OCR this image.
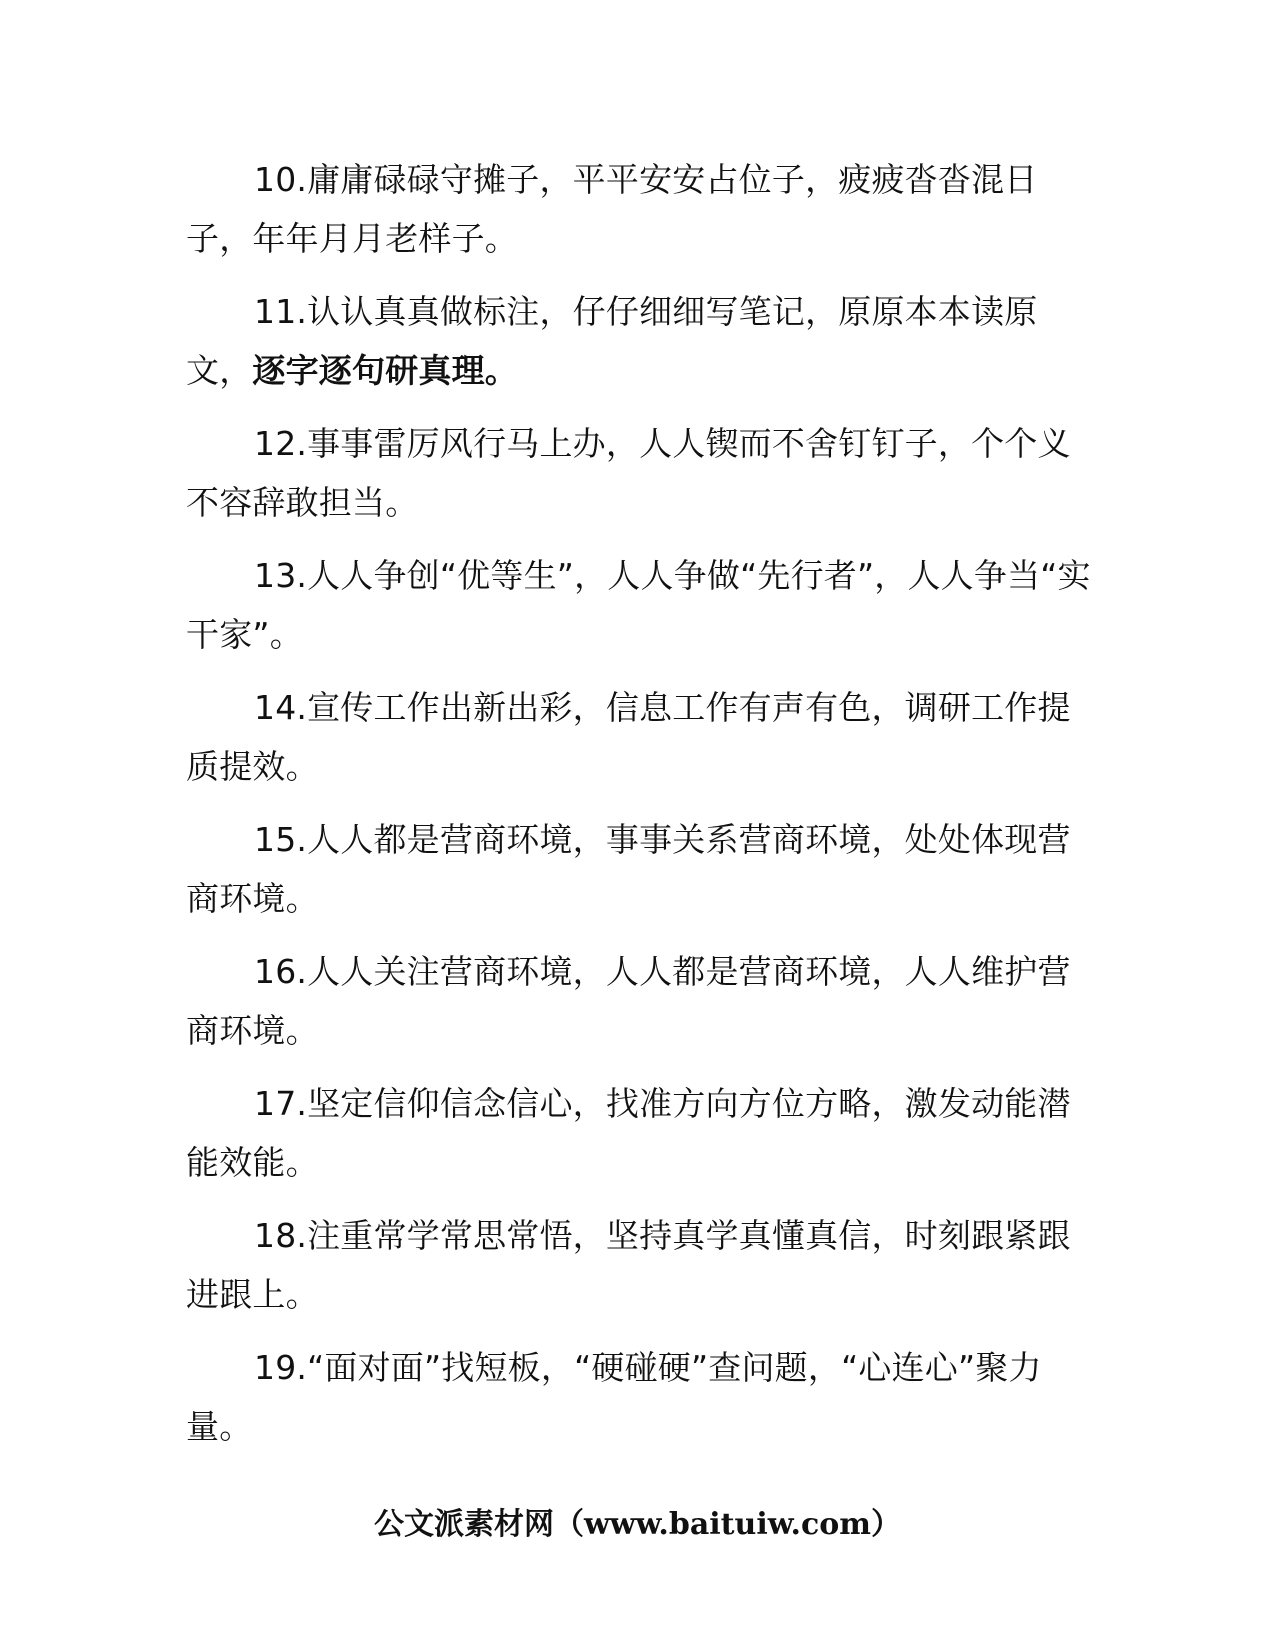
10.庸庸碌碌守摊子，平平安安占位子，疲疲沓沓混日子，年年月月老样子。

11.认认真真做标注，仔仔细细写笔记，原原本本读原文，逐字逐句研真理。

12.事事雷厉风行马上办，人人锲而不舍钉钉子，个个义不容辞敢担当。

13.人人争创“优等生”，人人争做“先行者”，人人争当“实干家”。

14.宣传工作出新出彩，信息工作有声有色，调研工作提质提效。

15.人人都是营商环境，事事关系营商环境，处处体现营商环境。

16.人人关注营商环境，人人都是营商环境，人人维护营商环境。

17.坚定信仰信念信心，找准方向方位方略，激发动能潜能效能。

18.注重常学常思常悟，坚持真学真懂真信，时刻跟紧跟进跟上。

19.“面对面”找短板，“硬碰硬”查问题，“心连心”聚力量。

公文派素材网（www.baituiw.com）
